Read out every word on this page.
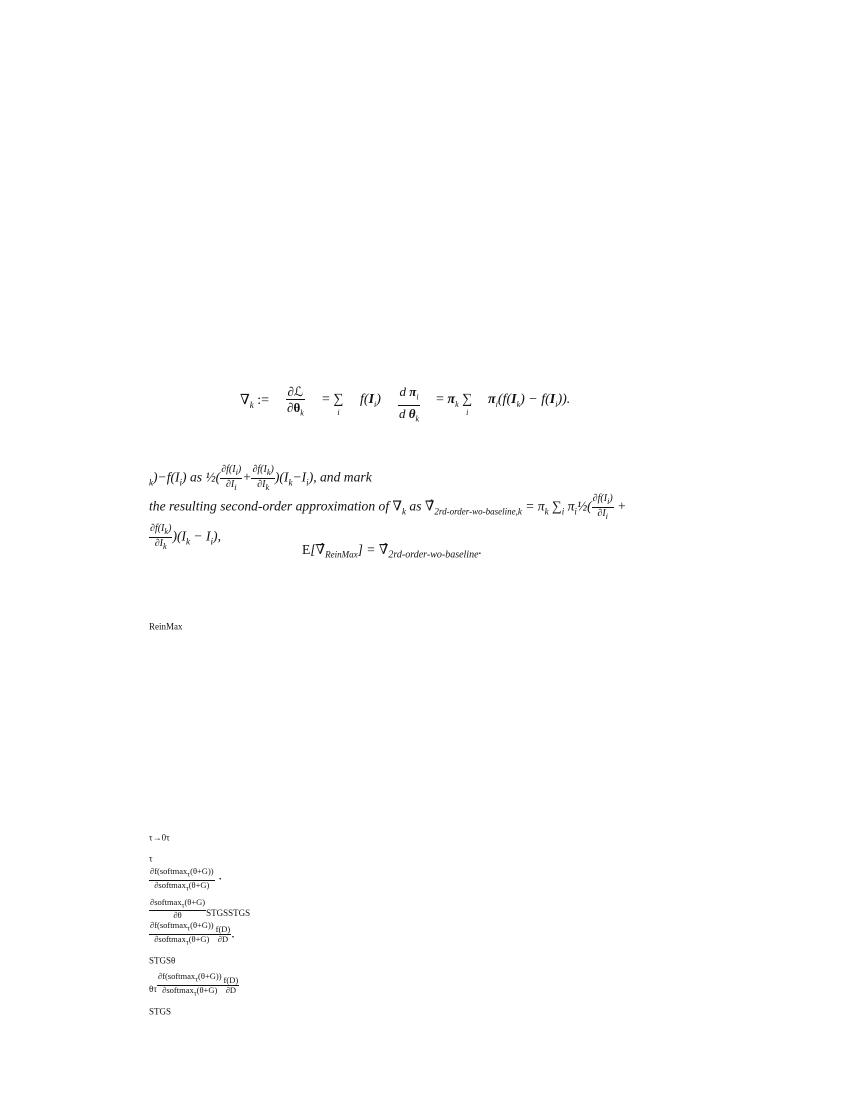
$\nabla_k$ :=
∂ℒ
$\partial\theta_k$
= $\sum_i$
$f(I_i) \frac{d \pi_i}{d \theta_k} = \pi_k$ $\sum_i$
$\pi_i(f(I_k) - f(I_i))$.
$_k)-f(I_i)$ as ½( $\frac{\partial f(I_i)}{\partial I_i} + \frac{\partial f(I_k)}{\partial I_k} )(I_k-I_i)$, and mark
the resulting second-order approximation of $\nabla_k$ as $\nablâ_{2rd-order-wo-baseline,k} = \pi_k$ $\sum_i$ $\pi_i\frac{1}{2}( \frac{\partial f(I_i)}{\partial I_i}$ +
$\frac{\partial f(I_k)}{\partial I_k} )(I_k - I_i)$,
$E[\nablâ_{ReinMax}]$ = $\nablâ_{2rd-order-wo-baseline}$.
$_{ReinMax}$
$_{\tau\to 0\tau}$
$_\tau$
$\frac{\partial f(softmax_\tau(\theta+G))}{\partial softmax_\tau(\theta+G)}$ ·
$\frac{\partial softmax_\tau(\theta+G)}{\partial\theta} _{STGSSTGS}$
$\frac{\partial f(softmax_\tau(\theta+G))}{\partial softmax_\tau(\theta+G)} \frac{f(D)}{\partial D}$ .
$_{STGS\theta}$
$_{\theta\tau} \frac{\partial f(softmax_\tau(\theta+G))}{\partial softmax_\tau(\theta+G)} \frac{f(D)}{\partial D}$
$_{STGS}$
